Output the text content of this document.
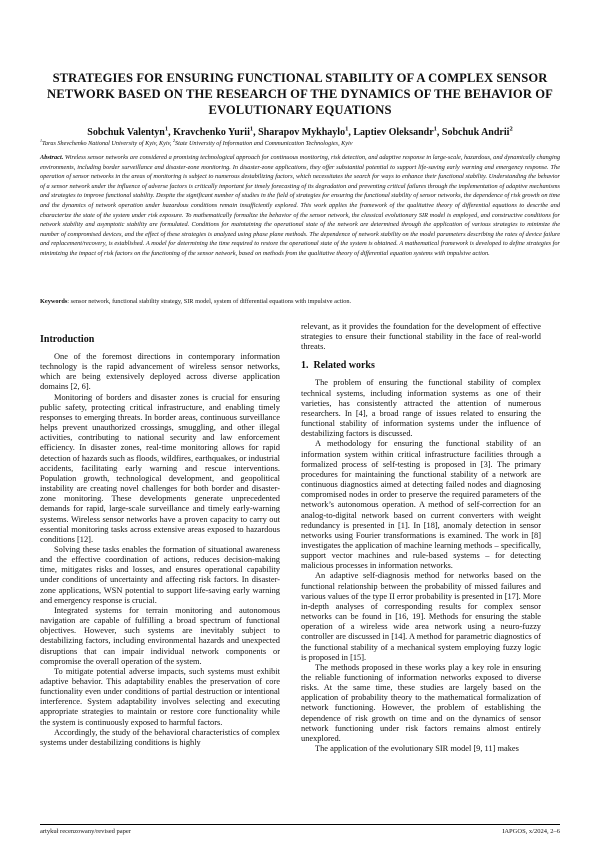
STRATEGIES FOR ENSURING FUNCTIONAL STABILITY OF A COMPLEX SENSOR NETWORK BASED ON THE RESEARCH OF THE DYNAMICS OF THE BEHAVIOR OF EVOLUTIONARY EQUATIONS
Sobchuk Valentyn$^1$, Kravchenko Yurii$^1$, Sharapov Mykhaylo$^1$, Laptiev Oleksandr$^1$, Sobchuk Andrii$^2$
$^1$Taras Shevchenko National University of Kyiv, Kyiv, $^2$State University of Information and Communication Technologies, Kyiv
Abstract. Wireless sensor networks are considered a promising technological approach for continuous monitoring, risk detection, and adaptive response in large-scale, hazardous, and dynamically changing environments, including border surveillance and disaster-zone monitoring. In disaster-zone applications, they offer substantial potential to support life-saving early warning and emergency response. The operation of sensor networks in the areas of monitoring is subject to numerous destabilizing factors, which necessitates the search for ways to enhance their functional stability. Understanding the behavior of a sensor network under the influence of adverse factors is critically important for timely forecasting of its degradation and preventing critical failures through the implementation of adaptive mechanisms and strategies to improve functional stability. Despite the significant number of studies in the field of strategies for ensuring the functional stability of sensor networks, the dependence of risk growth on time and the dynamics of network operation under hazardous conditions remain insufficiently explored. This work applies the framework of the qualitative theory of differential equations to describe and characterize the state of the system under risk exposure. To mathematically formalize the behavior of the sensor network, the classical evolutionary SIR model is employed, and constructive conditions for network stability and asymptotic stability are formulated. Conditions for maintaining the operational state of the network are determined through the application of various strategies to minimize the number of compromised devices, and the effect of these strategies is analyzed using phase plane methods. The dependence of network stability on the model parameters describing the rates of device failure and replacement/recovery, is established. A model for determining the time required to restore the operational state of the system is obtained. A mathematical framework is developed to define strategies for minimizing the impact of risk factors on the functioning of the sensor network, based on methods from the qualitative theory of differential equation systems with impulsive action.
Keywords: sensor network, functional stability strategy, SIR model, system of differential equations with impulsive action.
Introduction

One of the foremost directions in contemporary information technology is the rapid advancement of wireless sensor networks, which are being extensively deployed across diverse application domains [2, 6].

Monitoring of borders and disaster zones is crucial for ensuring public safety, protecting critical infrastructure, and enabling timely responses to emerging threats. In border areas, continuous surveillance helps prevent unauthorized crossings, smuggling, and other illegal activities, contributing to national security and law enforcement efficiency. In disaster zones, real-time monitoring allows for rapid detection of hazards such as floods, wildfires, earthquakes, or industrial accidents, facilitating early warning and rescue interventions. Population growth, technological development, and geopolitical instability are creating novel challenges for both border and disaster-zone monitoring. These developments generate unprecedented demands for rapid, large-scale surveillance and timely early-warning systems. Wireless sensor networks have a proven capacity to carry out essential monitoring tasks across extensive areas exposed to hazardous conditions [12].

Solving these tasks enables the formation of situational awareness and the effective coordination of actions, reduces decision-making time, mitigates risks and losses, and ensures operational capability under conditions of uncertainty and affecting risk factors. In disaster-zone applications, WSN potential to support life-saving early warning and emergency response is crucial.

Integrated systems for terrain monitoring and autonomous navigation are capable of fulfilling a broad spectrum of functional objectives. However, such systems are inevitably subject to destabilizing factors, including environmental hazards and unexpected disruptions that can impair individual network components or compromise the overall operation of the system.

To mitigate potential adverse impacts, such systems must exhibit adaptive behavior. This adaptability enables the preservation of core functionality even under conditions of partial destruction or intentional interference. System adaptability involves selecting and executing appropriate strategies to maintain or restore core functionality while the system is continuously exposed to harmful factors.

Accordingly, the study of the behavioral characteristics of complex systems under destabilizing conditions is highly

relevant, as it provides the foundation for the development of effective strategies to ensure their functional stability in the face of real-world threats.

1. Related works

The problem of ensuring the functional stability of complex technical systems, including information systems as one of their varieties, has consistently attracted the attention of numerous researchers. In [4], a broad range of issues related to ensuring the functional stability of information systems under the influence of destabilizing factors is discussed.

A methodology for ensuring the functional stability of an information system within critical infrastructure facilities through a formalized process of self-testing is proposed in [3]. The primary procedures for maintaining the functional stability of a network are continuous diagnostics aimed at detecting failed nodes and diagnosing compromised nodes in order to preserve the required parameters of the network’s autonomous operation. A method of self-correction for an analog-to-digital network based on current converters with weight redundancy is presented in [1]. In [18], anomaly detection in sensor networks using Fourier transformations is examined. The work in [8] investigates the application of machine learning methods – specifically, support vector machines and rule-based systems – for detecting malicious processes in information networks.

An adaptive self-diagnosis method for networks based on the functional relationship between the probability of missed failures and various values of the type II error probability is presented in [17]. More in-depth analyses of corresponding results for complex sensor networks can be found in [16, 19]. Methods for ensuring the stable operation of a wireless wide area network using a neuro-fuzzy controller are discussed in [14]. A method for parametric diagnostics of the functional stability of a mechanical system employing fuzzy logic is proposed in [15].

The methods proposed in these works play a key role in ensuring the reliable functioning of information networks exposed to diverse risks. At the same time, these studies are largely based on the application of probability theory to the mathematical formalization of network functioning. However, the problem of establishing the dependence of risk growth on time and on the dynamics of sensor network functioning under risk factors remains almost entirely unexplored.

The application of the evolutionary SIR model [9, 11] makes

artykuł recenzowany/revised paper	IAPGOS, x/2024, 2–6
